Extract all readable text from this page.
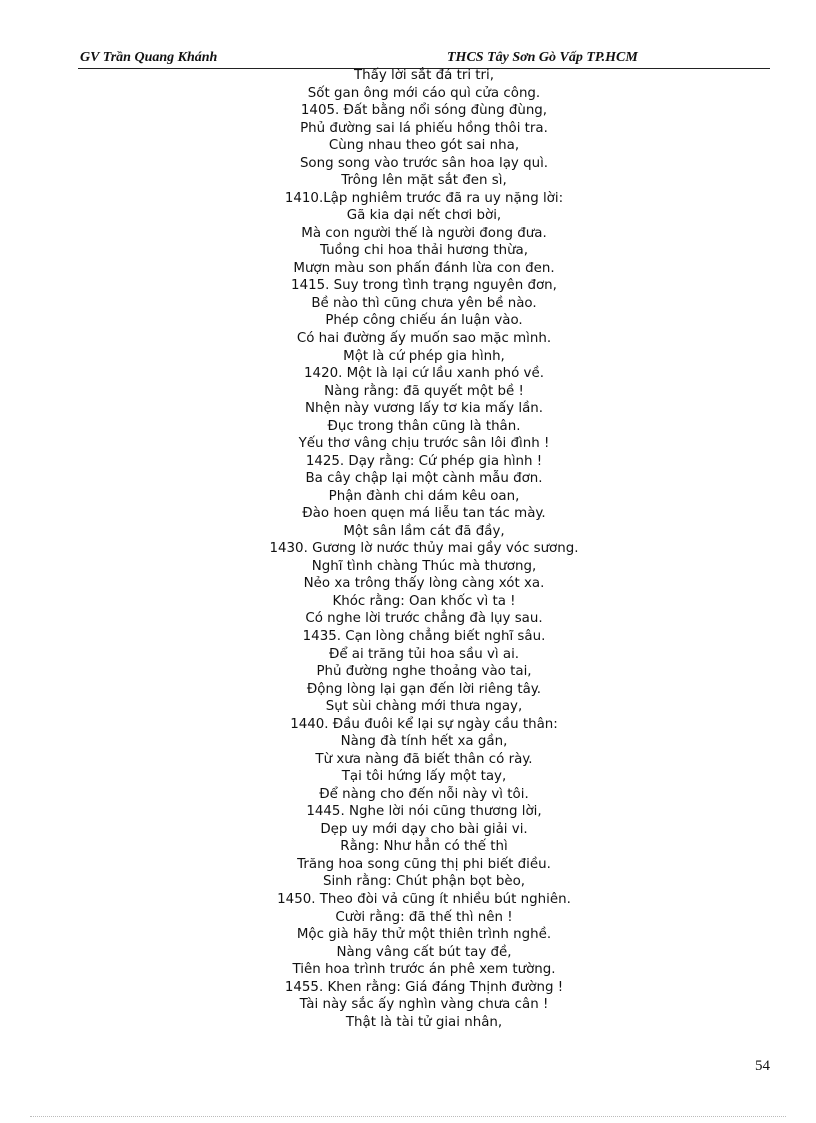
GV Trần Quang Khánh	THCS Tây Sơn Gò Vấp TP.HCM
Thấy lời sắt đá tri tri,
Sốt gan ông mới cáo quì cửa công.
1405. Đất bằng nổi sóng đùng đùng,
Phủ đường sai lá phiếu hồng thôi tra.
Cùng nhau theo gót sai nha,
Song song vào trước sân hoa lạy quì.
Trông lên mặt sắt đen sì,
1410.Lập nghiêm trước đã ra uy nặng lời:
Gã kia dại nết chơi bời,
Mà con người thế là người đong đưa.
Tuồng chi hoa thải hương thừa,
Mượn màu son phấn đánh lừa con đen.
1415. Suy trong tình trạng nguyên đơn,
Bề nào thì cũng chưa yên bề nào.
Phép công chiếu án luận vào.
Có hai đường ấy muốn sao mặc mình.
Một là cứ phép gia hình,
1420. Một là lại cứ lầu xanh phó về.
Nàng rằng: đã quyết một bề !
Nhện này vương lấy tơ kia mấy lần.
Đục trong thân cũng là thân.
Yếu thơ vâng chịu trước sân lôi đình !
1425. Dạy rằng: Cứ phép gia hình !
Ba cây chập lại một cành mẫu đơn.
Phận đành chi dám kêu oan,
Đào hoen quẹn má liễu tan tác mày.
Một sân lầm cát đã đầy,
1430. Gương lờ nước thủy mai gầy vóc sương.
Nghĩ tình chàng Thúc mà thương,
Nẻo xa trông thấy lòng càng xót xa.
Khóc rằng: Oan khốc vì ta !
Có nghe lời trước chẳng đà lụy sau.
1435. Cạn lòng chẳng biết nghĩ sâu.
Để ai trăng tủi hoa sầu vì ai.
Phủ đường nghe thoảng vào tai,
Động lòng lại gạn đến lời riêng tây.
Sụt sùi chàng mới thưa ngay,
1440. Đầu đuôi kể lại sự ngày cầu thân:
Nàng đà tính hết xa gần,
Từ xưa nàng đã biết thân có rày.
Tại tôi hứng lấy một tay,
Để nàng cho đến nỗi này vì tôi.
1445. Nghe lời nói cũng thương lời,
Dẹp uy mới dạy cho bài giải vi.
Rằng: Như hẳn có thế thì
Trăng hoa song cũng thị phi biết điều.
Sinh rằng: Chút phận bọt bèo,
1450. Theo đòi vả cũng ít nhiều bút nghiên.
Cười rằng: đã thế thì nên !
Mộc già hãy thử một thiên trình nghề.
Nàng vâng cất bút tay đề,
Tiên hoa trình trước án phê xem tường.
1455. Khen rằng: Giá đáng Thịnh đường !
Tài này sắc ấy nghìn vàng chưa cân !
Thật là tài tử giai nhân,
54
